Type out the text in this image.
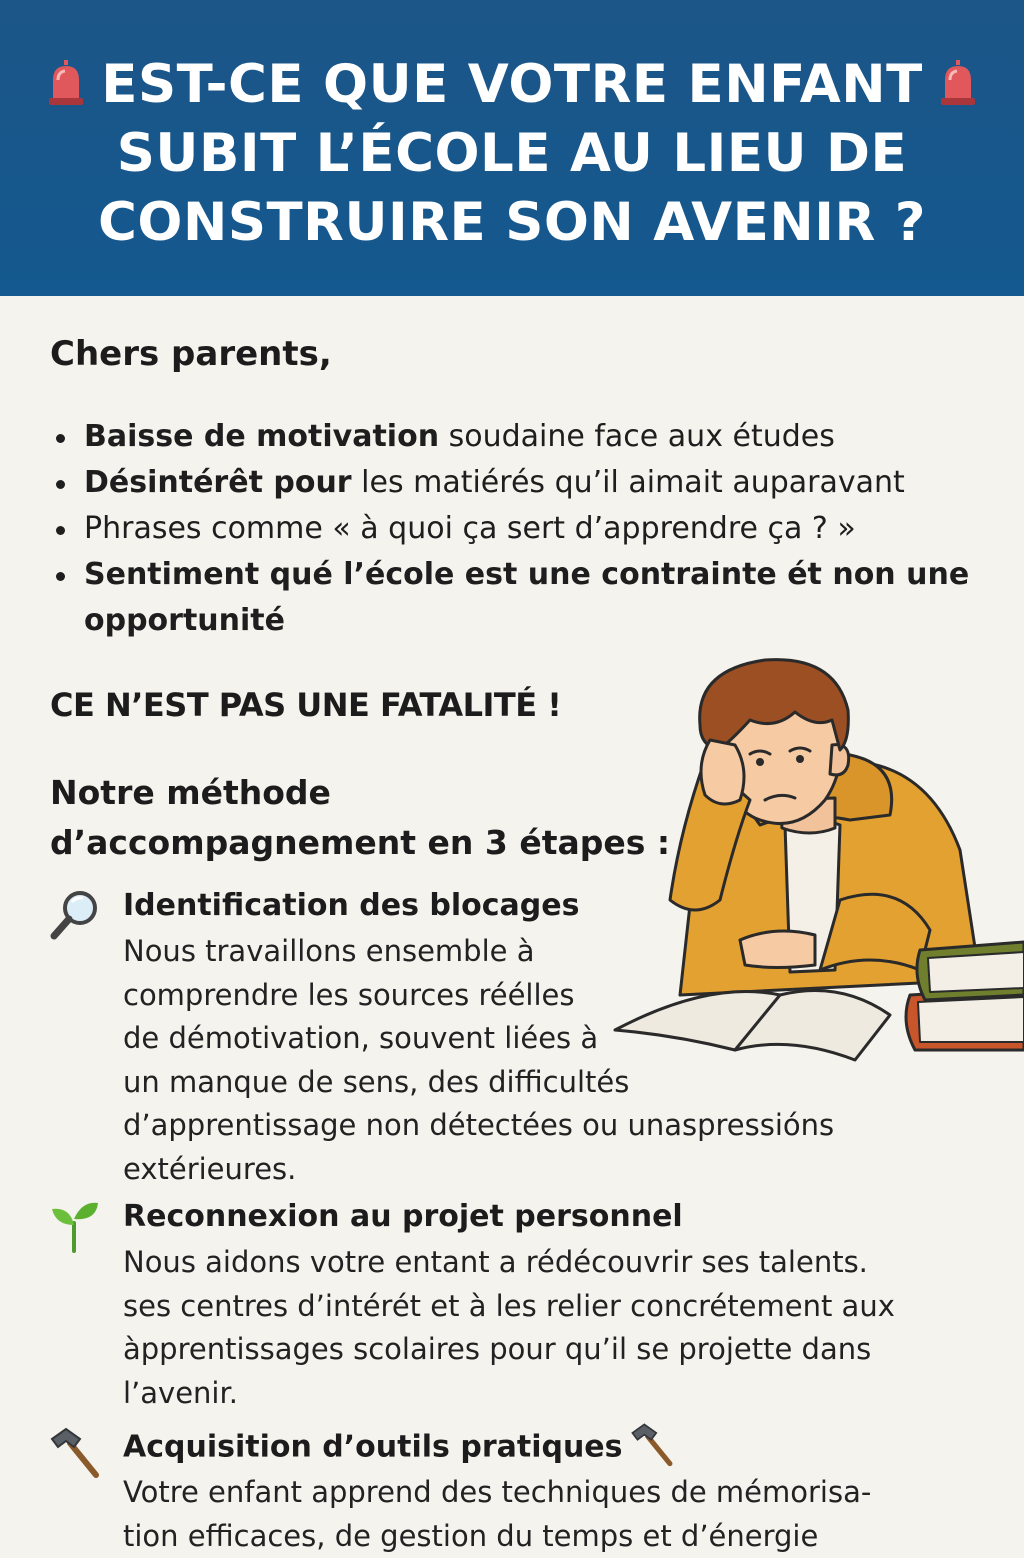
EST-CE QUE VOTRE ENFANT
SUBIT L’ÉCOLE AU LIEU DE
CONSTRUIRE SON AVENIR ?
Chers parents,
Baisse de motivation soudaine face aux études
Désintérêt pour les matiérés qu’il aimait auparavant
Phrases comme « à quoi ça sert d’apprendre ça ? »
Sentiment qué l’école est une contrainte ét non une opportunité
CE N’EST PAS UNE FATALITÉ !
Notre méthode
d’accompagnement en 3 étapes :
Identification des blocages
Nous travaillons ensemble à
comprendre les sources réélles
de démotivation, souvent liées à
un manque de sens, des difficultés
d’apprentissage non détectées ou unaspressións
extérieures.
Reconnexion au projet personnel
Nous aidons votre entant a rédécouvrir ses talents.
ses centres d’intérét et à les relier concrétement aux
àpprentissages scolaires pour qu’il se projette dans
l’avenir.
Acquisition d’outils pratiques
Votre enfant apprend des techniques de mémorisa-
tion efficaces, de gestion du temps et d’énergie
